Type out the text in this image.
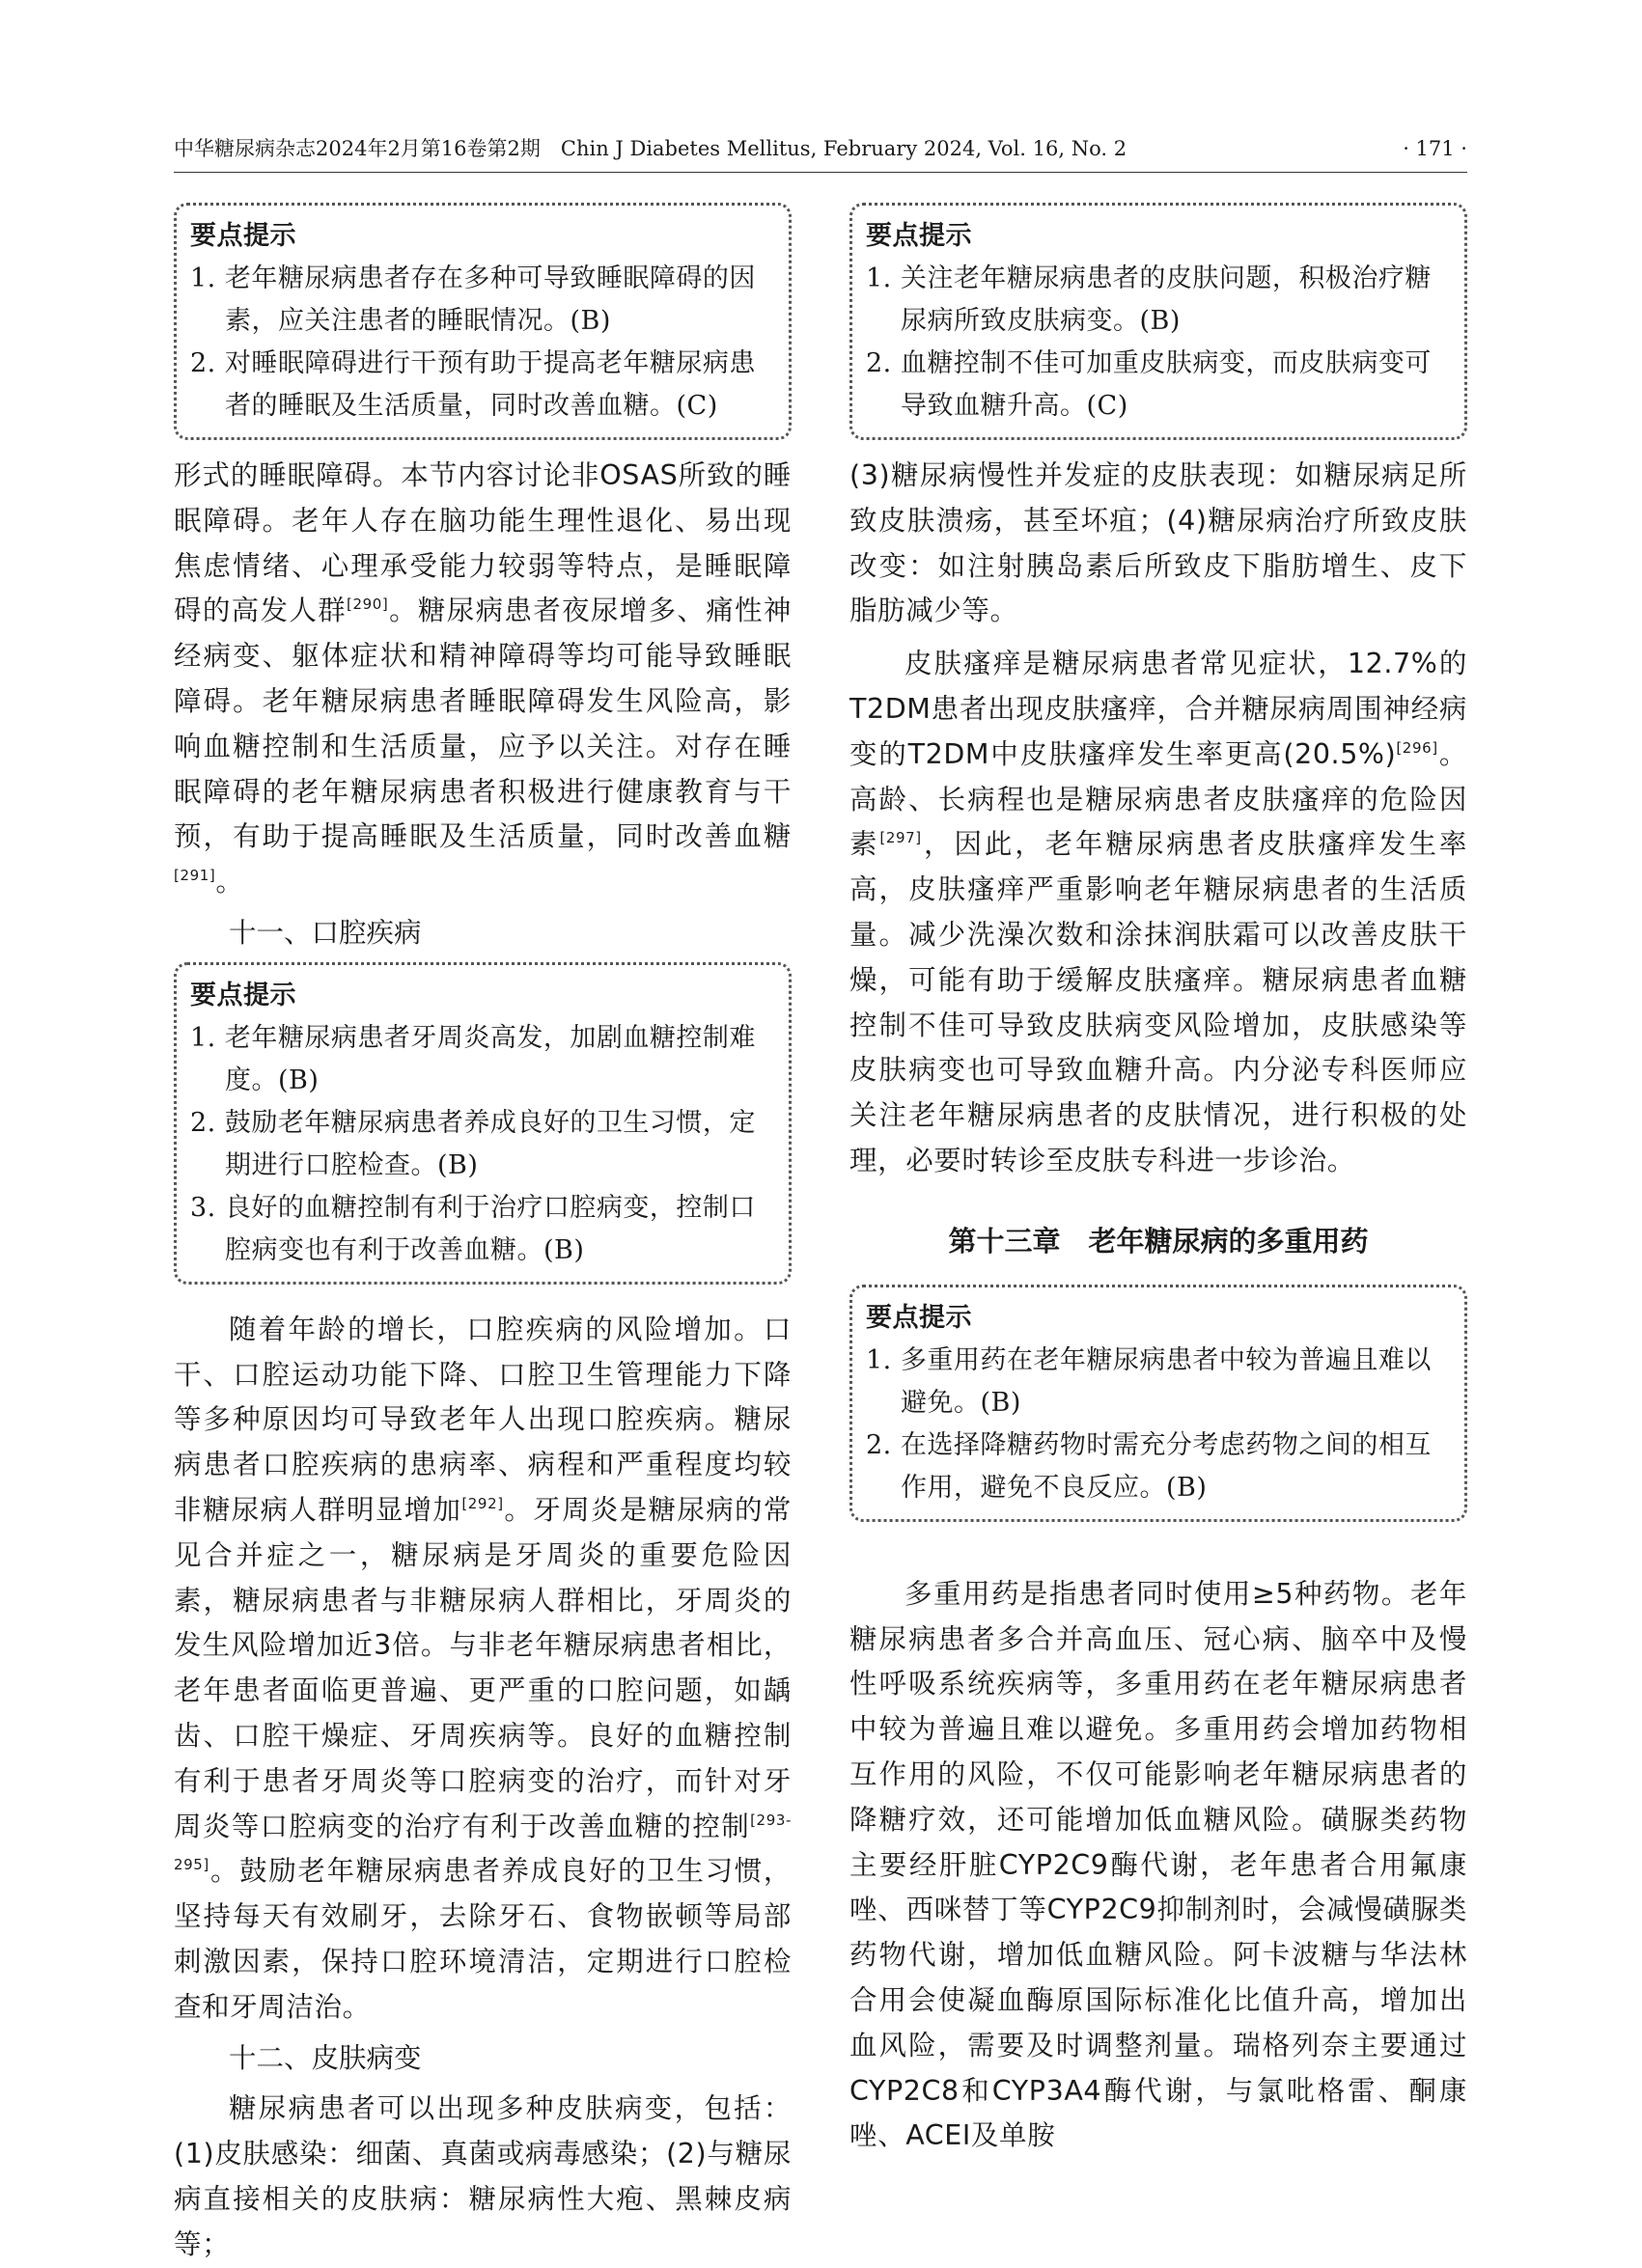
中华糖尿病杂志2024年2月第16卷第2期　Chin J Diabetes Mellitus, February 2024, Vol. 16, No. 2	· 171 ·
要点提示
1. 老年糖尿病患者存在多种可导致睡眠障碍的因素，应关注患者的睡眠情况。(B)
2. 对睡眠障碍进行干预有助于提高老年糖尿病患者的睡眠及生活质量，同时改善血糖。(C)

形式的睡眠障碍。本节内容讨论非OSAS所致的睡眠障碍。老年人存在脑功能生理性退化、易出现焦虑情绪、心理承受能力较弱等特点，是睡眠障碍的高发人群[290]。糖尿病患者夜尿增多、痛性神经病变、躯体症状和精神障碍等均可能导致睡眠障碍。老年糖尿病患者睡眠障碍发生风险高，影响血糖控制和生活质量，应予以关注。对存在睡眠障碍的老年糖尿病患者积极进行健康教育与干预，有助于提高睡眠及生活质量，同时改善血糖[291]。

十一、口腔疾病
要点提示
1. 老年糖尿病患者牙周炎高发，加剧血糖控制难度。(B)
2. 鼓励老年糖尿病患者养成良好的卫生习惯，定期进行口腔检查。(B)
3. 良好的血糖控制有利于治疗口腔病变，控制口腔病变也有利于改善血糖。(B)

随着年龄的增长，口腔疾病的风险增加。口干、口腔运动功能下降、口腔卫生管理能力下降等多种原因均可导致老年人出现口腔疾病。糖尿病患者口腔疾病的患病率、病程和严重程度均较非糖尿病人群明显增加[292]。牙周炎是糖尿病的常见合并症之一，糖尿病是牙周炎的重要危险因素，糖尿病患者与非糖尿病人群相比，牙周炎的发生风险增加近3倍。与非老年糖尿病患者相比，老年患者面临更普遍、更严重的口腔问题，如龋齿、口腔干燥症、牙周疾病等。良好的血糖控制有利于患者牙周炎等口腔病变的治疗，而针对牙周炎等口腔病变的治疗有利于改善血糖的控制[293-295]。鼓励老年糖尿病患者养成良好的卫生习惯，坚持每天有效刷牙，去除牙石、食物嵌顿等局部刺激因素，保持口腔环境清洁，定期进行口腔检查和牙周洁治。

十二、皮肤病变

糖尿病患者可以出现多种皮肤病变，包括：(1)皮肤感染：细菌、真菌或病毒感染；(2)与糖尿病直接相关的皮肤病：糖尿病性大疱、黑棘皮病等；

要点提示
1. 关注老年糖尿病患者的皮肤问题，积极治疗糖尿病所致皮肤病变。(B)
2. 血糖控制不佳可加重皮肤病变，而皮肤病变可导致血糖升高。(C)

(3)糖尿病慢性并发症的皮肤表现：如糖尿病足所致皮肤溃疡，甚至坏疽；(4)糖尿病治疗所致皮肤改变：如注射胰岛素后所致皮下脂肪增生、皮下脂肪减少等。

皮肤瘙痒是糖尿病患者常见症状，12.7%的T2DM患者出现皮肤瘙痒，合并糖尿病周围神经病变的T2DM中皮肤瘙痒发生率更高(20.5%)[296]。高龄、长病程也是糖尿病患者皮肤瘙痒的危险因素[297]，因此，老年糖尿病患者皮肤瘙痒发生率高，皮肤瘙痒严重影响老年糖尿病患者的生活质量。减少洗澡次数和涂抹润肤霜可以改善皮肤干燥，可能有助于缓解皮肤瘙痒。糖尿病患者血糖控制不佳可导致皮肤病变风险增加，皮肤感染等皮肤病变也可导致血糖升高。内分泌专科医师应关注老年糖尿病患者的皮肤情况，进行积极的处理，必要时转诊至皮肤专科进一步诊治。

第十三章　老年糖尿病的多重用药
要点提示
1. 多重用药在老年糖尿病患者中较为普遍且难以避免。(B)
2. 在选择降糖药物时需充分考虑药物之间的相互作用，避免不良反应。(B)

多重用药是指患者同时使用≥5种药物。老年糖尿病患者多合并高血压、冠心病、脑卒中及慢性呼吸系统疾病等，多重用药在老年糖尿病患者中较为普遍且难以避免。多重用药会增加药物相互作用的风险，不仅可能影响老年糖尿病患者的降糖疗效，还可能增加低血糖风险。磺脲类药物主要经肝脏CYP2C9酶代谢，老年患者合用氟康唑、西咪替丁等CYP2C9抑制剂时，会减慢磺脲类药物代谢，增加低血糖风险。阿卡波糖与华法林合用会使凝血酶原国际标准化比值升高，增加出血风险，需要及时调整剂量。瑞格列奈主要通过CYP2C8和CYP3A4酶代谢，与氯吡格雷、酮康唑、ACEI及单胺
